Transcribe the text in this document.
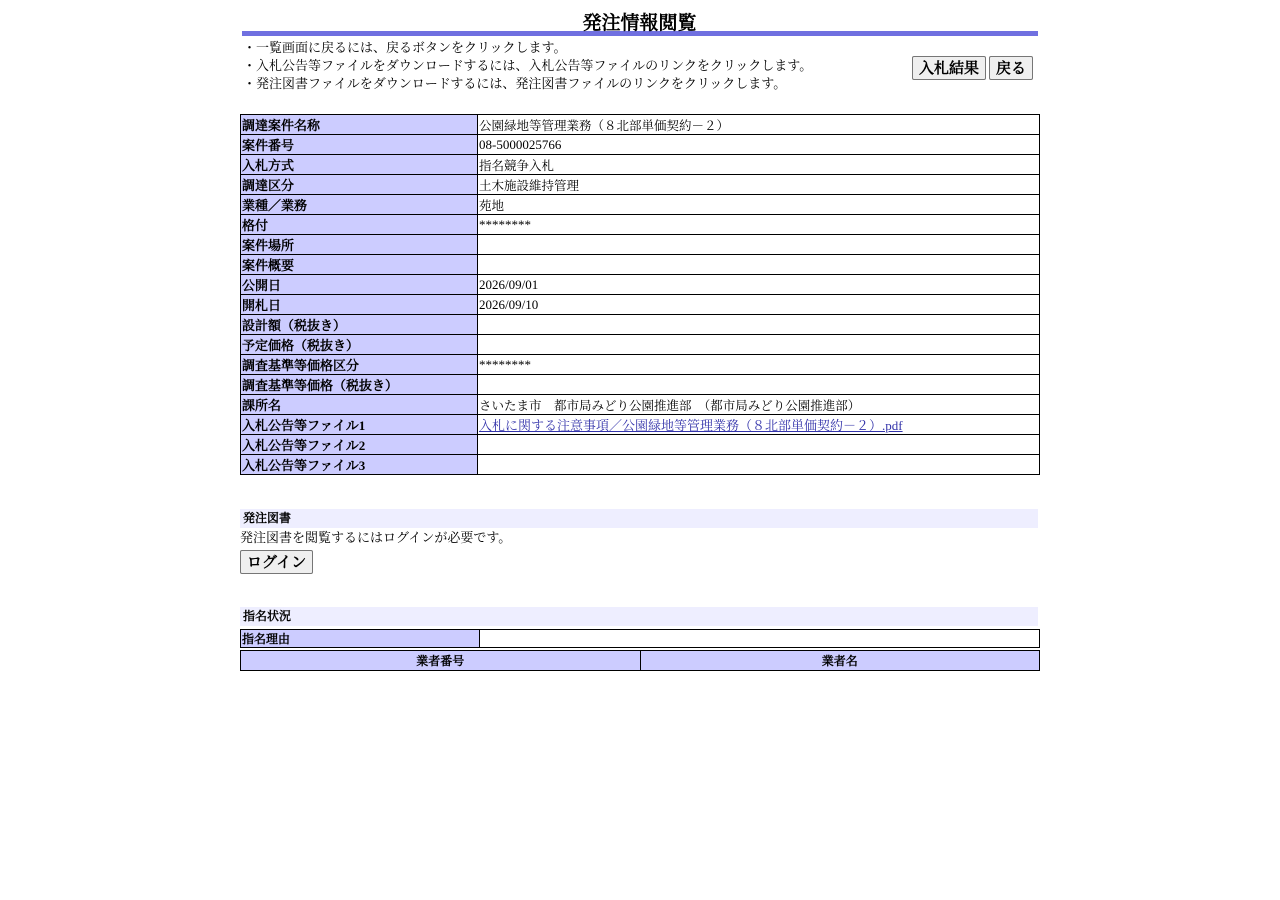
発注情報閲覧
・一覧画面に戻るには、戻るボタンをクリックします。
・入札公告等ファイルをダウンロードするには、入札公告等ファイルのリンクをクリックします。
・発注図書ファイルをダウンロードするには、発注図書ファイルのリンクをクリックします。
入札結果	戻る
調達案件名称	公園緑地等管理業務（８北部単価契約－２）
案件番号	08-5000025766
入札方式	指名競争入札
調達区分	土木施設維持管理
業種／業務	苑地
格付	********
案件場所	
案件概要	
公開日	2026/09/01
開札日	2026/09/10
設計額（税抜き）	
予定価格（税抜き）	
調査基準等価格区分	********
調査基準等価格（税抜き）	
課所名	さいたま市　都市局みどり公園推進部　（都市局みどり公園推進部）
入札公告等ファイル1	入札に関する注意事項／公園緑地等管理業務（８北部単価契約－２）.pdf
入札公告等ファイル2	
入札公告等ファイル3	
発注図書
発注図書を閲覧するにはログインが必要です。
ログイン
指名状況
指名理由	
業者番号	業者名
